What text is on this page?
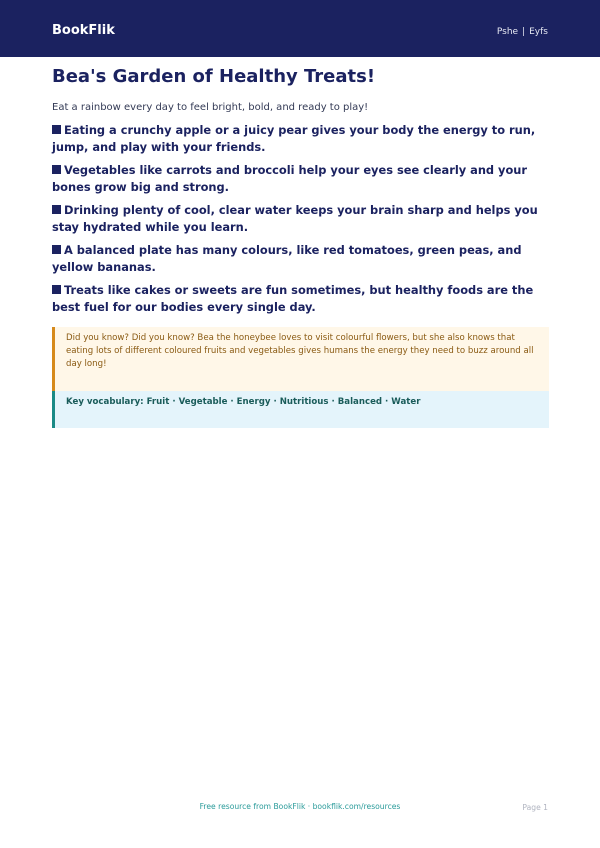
BookFlik	Pshe | Eyfs
Bea's Garden of Healthy Treats!

Eat a rainbow every day to feel bright, bold, and ready to play!

Eating a crunchy apple or a juicy pear gives your body the energy to run, jump, and play with your friends.
Vegetables like carrots and broccoli help your eyes see clearly and your bones grow big and strong.
Drinking plenty of cool, clear water keeps your brain sharp and helps you stay hydrated while you learn.
A balanced plate has many colours, like red tomatoes, green peas, and yellow bananas.
Treats like cakes or sweets are fun sometimes, but healthy foods are the best fuel for our bodies every single day.
Did you know? Did you know? Bea the honeybee loves to visit colourful flowers, but she also knows that eating lots of different coloured fruits and vegetables gives humans the energy they need to buzz around all day long!
Key vocabulary: Fruit · Vegetable · Energy · Nutritious · Balanced · Water
Free resource from BookFlik · bookflik.com/resources	Page 1
